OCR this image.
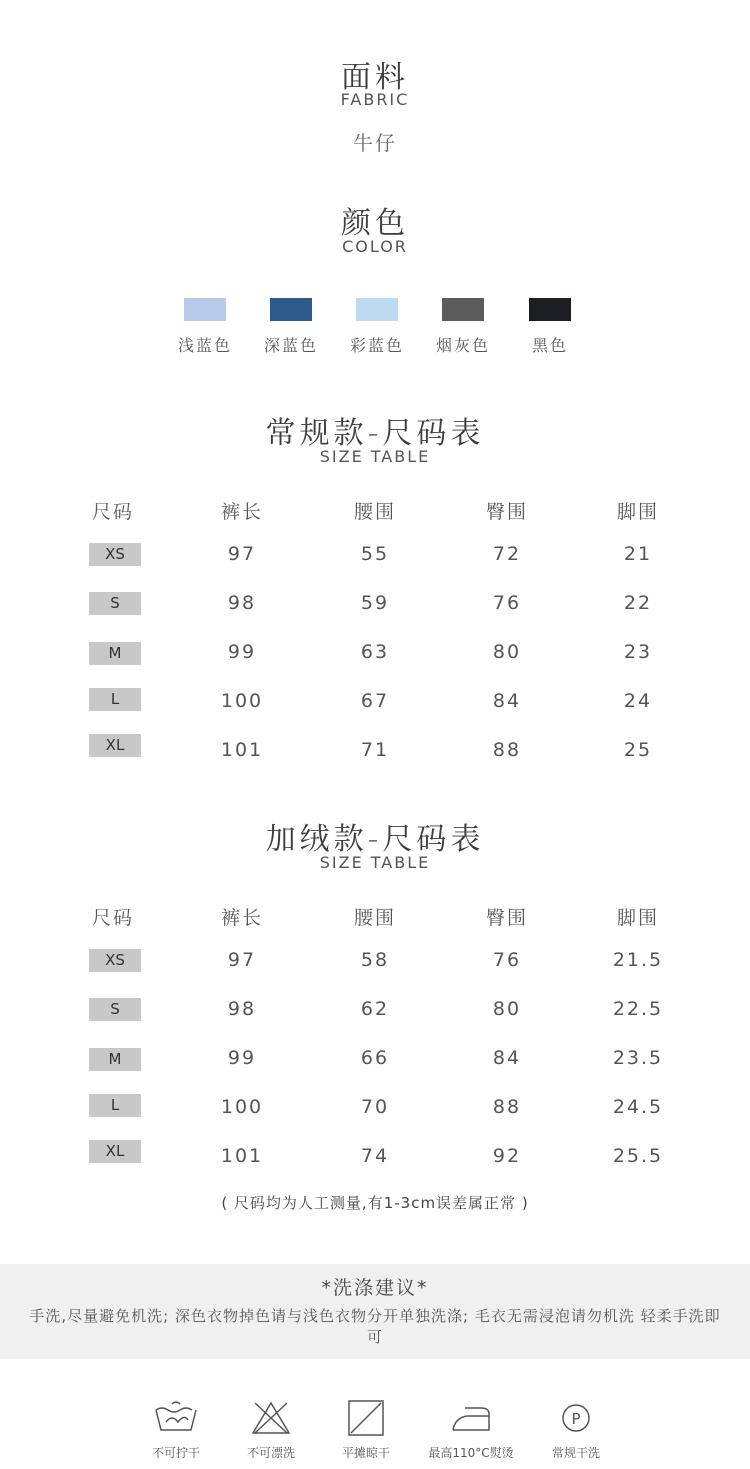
面料
FABRIC
牛仔
颜色
COLOR
浅蓝色	深蓝色	彩蓝色	烟灰色	黑色
常规款-尺码表
SIZE TABLE
尺码	裤长	腰围	臀围	脚围
XS	97	55	72	21
S	98	59	76	22
M	99	63	80	23
L	100	67	84	24
XL	101	71	88	25
加绒款-尺码表
SIZE TABLE
尺码	裤长	腰围	臀围	脚围
XS	97	58	76	21.5
S	98	62	80	22.5
M	99	66	84	23.5
L	100	70	88	24.5
XL	101	74	92	25.5
( 尺码均为人工测量,有1-3cm误差属正常 )
*洗涤建议*
手洗,尽量避免机洗; 深色衣物掉色请与浅色衣物分开单独洗涤; 毛衣无需浸泡请勿机洗 轻柔手洗即可
不可拧干	不可漂洗	平摊晾干	最高110°C熨烫
P
常规干洗
